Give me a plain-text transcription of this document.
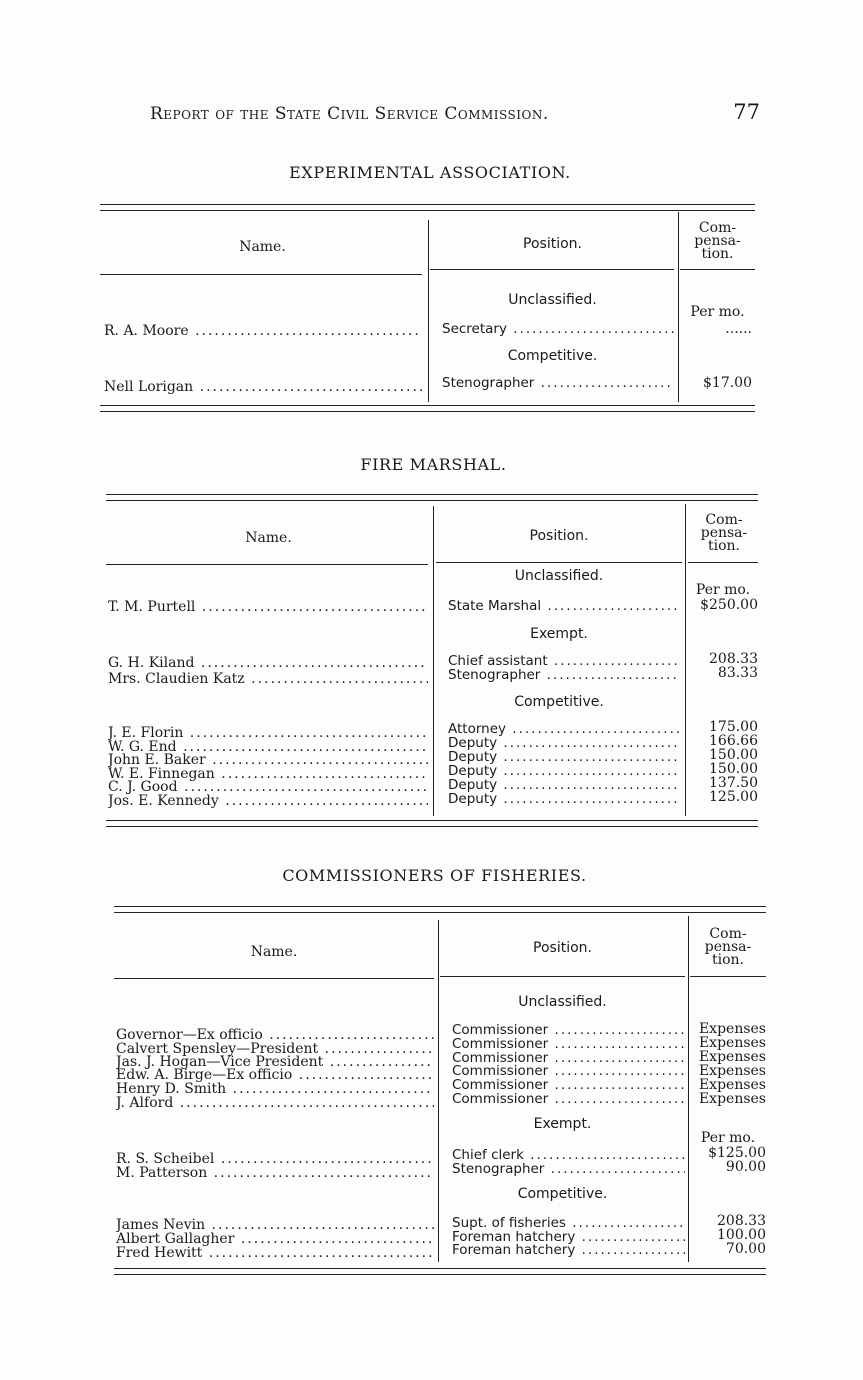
Report of the State Civil Service Commission.	77
EXPERIMENTAL ASSOCIATION.
Name.	Position.
Com-
pensa-
tion.
Unclassified.
Per mo.
R. A. Moore .....	Secretary .....	......
Competitive.
Nell Lorigan .....	Stenographer .....	$17.00
FIRE MARSHAL.
Name.	Position.
Com-
pensa-
tion.
Unclassified.
Per mo.
T. M. Purtell .....	State Marshal .....	$250.00
Exempt.
G. H. Kiland .....	Chief assistant .....	208.33
Mrs. Claudien Katz .....	Stenographer .....	83.33
Competitive.
J. E. Florin .....	Attorney .....	175.00
W. G. End .....	Deputy .....	166.66
John E. Baker .....	Deputy .....	150.00
W. E. Finnegan .....	Deputy .....	150.00
C. J. Good .....	Deputy .....	137.50
Jos. E. Kennedy .....	Deputy .....	125.00
COMMISSIONERS OF FISHERIES.
Name.	Position.
Com-
pensa-
tion.
Unclassified.
Governor—Ex officio .....	Commissioner .....	Expenses
Calvert Spensley—President .....	Commissioner .....	Expenses
Jas. J. Hogan—Vice President .....	Commissioner .....	Expenses
Edw. A. Birge—Ex officio .....	Commissioner .....	Expenses
Henry D. Smith .....	Commissioner .....	Expenses
J. Alford .....	Commissioner .....	Expenses
Exempt.
Per mo.
R. S. Scheibel .....	Chief clerk .....	$125.00
M. Patterson .....	Stenographer .....	90.00
Competitive.
James Nevin .....	Supt. of fisheries .....	208.33
Albert Gallagher .....	Foreman hatchery .....	100.00
Fred Hewitt .....	Foreman hatchery .....	70.00
